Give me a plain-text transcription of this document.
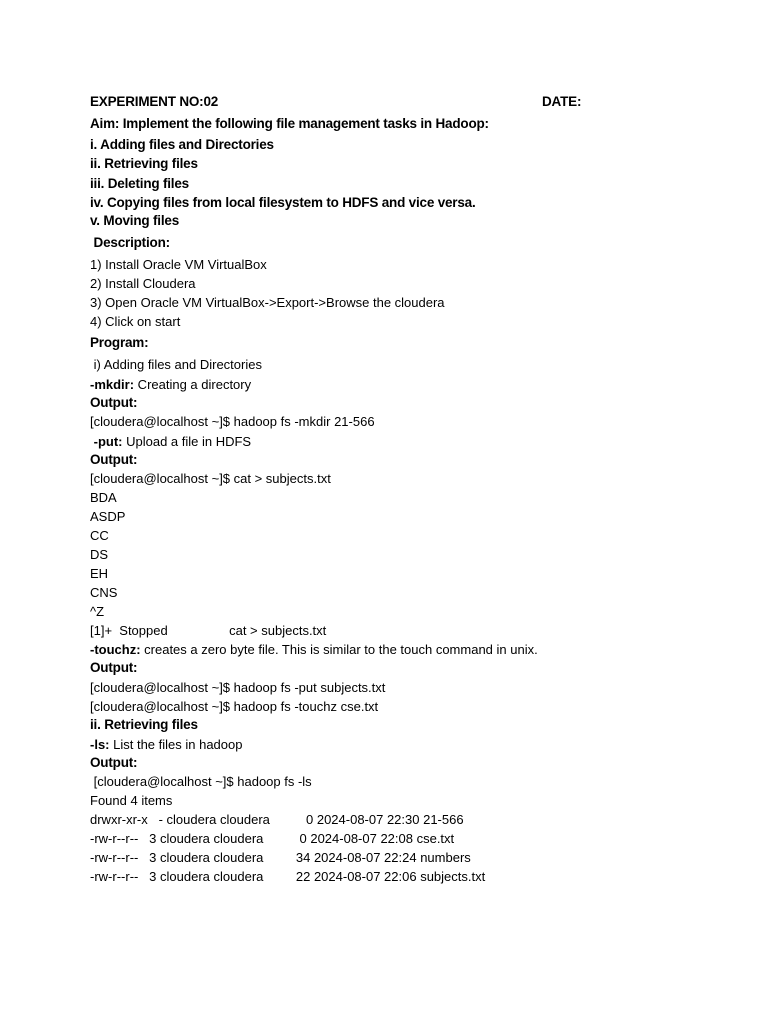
EXPERIMENT NO:02	DATE:
Aim: Implement the following file management tasks in Hadoop:
i. Adding files and Directories
ii. Retrieving files
iii. Deleting files
iv. Copying files from local filesystem to HDFS and vice versa.
v. Moving files
Description:
1) Install Oracle VM VirtualBox
2) Install Cloudera
3) Open Oracle VM VirtualBox->Export->Browse the cloudera
4) Click on start
Program:
i) Adding files and Directories
-mkdir: Creating a directory
Output:
[cloudera@localhost ~]$ hadoop fs -mkdir 21-566
-put: Upload a file in HDFS
Output:
[cloudera@localhost ~]$ cat > subjects.txt
BDA
ASDP
CC
DS
EH
CNS
^Z
[1]+  Stopped                 cat > subjects.txt
-touchz: creates a zero byte file. This is similar to the touch command in unix.
Output:
[cloudera@localhost ~]$ hadoop fs -put subjects.txt
[cloudera@localhost ~]$ hadoop fs -touchz cse.txt
ii. Retrieving files
-ls: List the files in hadoop
Output:
[cloudera@localhost ~]$ hadoop fs -ls
Found 4 items
drwxr-xr-x   - cloudera cloudera          0 2024-08-07 22:30 21-566
-rw-r--r--   3 cloudera cloudera          0 2024-08-07 22:08 cse.txt
-rw-r--r--   3 cloudera cloudera         34 2024-08-07 22:24 numbers
-rw-r--r--   3 cloudera cloudera         22 2024-08-07 22:06 subjects.txt
